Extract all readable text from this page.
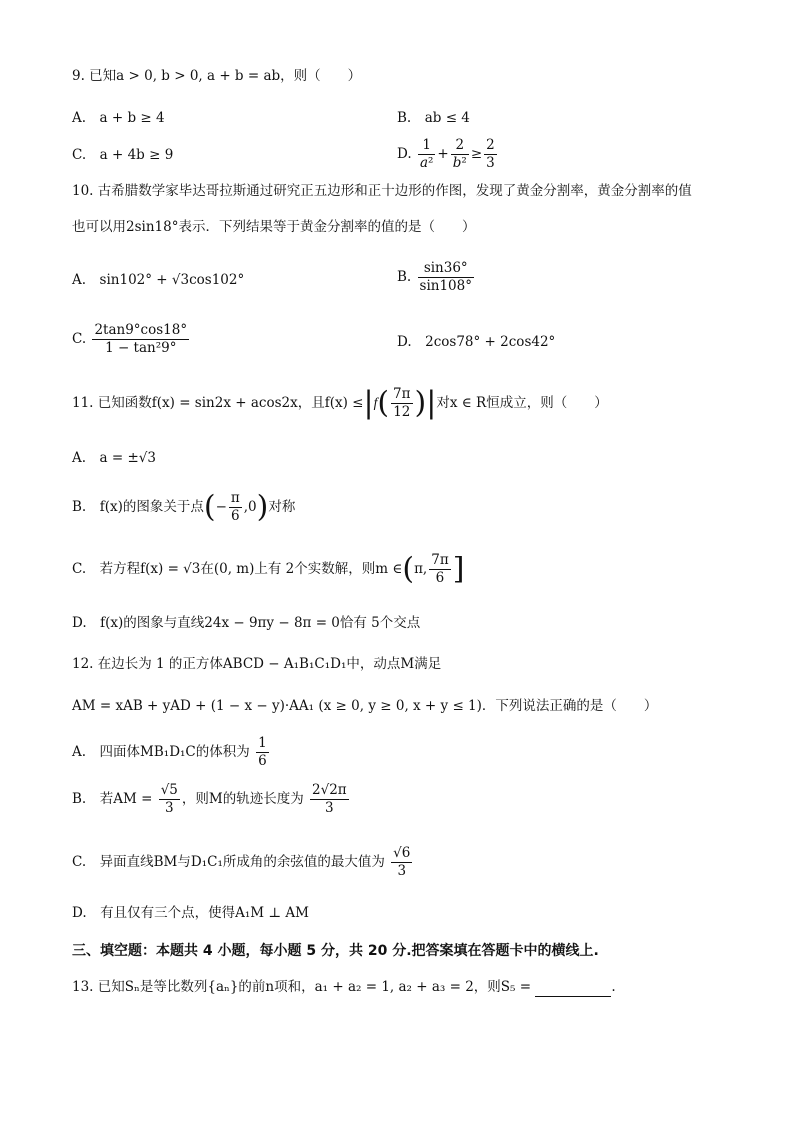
9. 已知a > 0, b > 0, a + b = ab，则（　　）
A.　a + b ≥ 4	B.　ab ≤ 4
C.　a + 4b ≥ 9	D. $\frac{1}{\text{a²}} + \frac{2}{\text{b²}} \ge \frac{2}{3}$
10. 古希腊数学家毕达哥拉斯通过研究正五边形和正十边形的作图，发现了黄金分割率，黄金分割率的值
也可以用2sin18°表示．下列结果等于黄金分割率的值的是（　　）
A.　sin102° + √3cos102°	B. $\frac{\sin 36^\circ}{\sin 108^\circ}$
C. $\frac{2\tan 9^\circ\cos 18^\circ}{\text{1 − tan²9°}}$	D.　2cos78° + 2cos42°
11. 已知函数f(x) = sin2x + acos2x，且$f(x) \le|f( \frac{7\pi}{12}$ )|对x ∈ R恒成立，则（　　）
A.　a = ±√3
B.　f(x)的图象关于点(− $\frac{\pi}{6} ,0$)对称
C.　若方程f(x) = √3在(0, m)上有 2个实数解，则m ∈(π, $\frac{7\pi}{6}$ ]
D.　f(x)的图象与直线24x − 9πy − 8π = 0恰有 5个交点
12. 在边长为 1 的正方体ABCD − A₁B₁C₁D₁中，动点M满足
AM = xAB + yAD + (1 − x − y)·AA₁ (x ≥ 0, y ≥ 0, x + y ≤ 1)．下列说法正确的是（　　）
A.　四面体MB₁D₁C的体积为 $\frac{1}{6}$
B.　若AM = $\frac{√5}{3}$ ，则M的轨迹长度为 $\frac{2√2\pi}{3}$
C.　异面直线BM与D₁C₁所成角的余弦值的最大值为 $\frac{√6}{3}$
D.　有且仅有三个点，使得A₁M ⊥ AM
三、填空题：本题共 4 小题，每小题 5 分，共 20 分.把答案填在答题卡中的横线上.
13. 已知Sₙ是等比数列{aₙ}的前n项和，a₁ + a₂ = 1, a₂ + a₃ = 2，则S₅ =	.
